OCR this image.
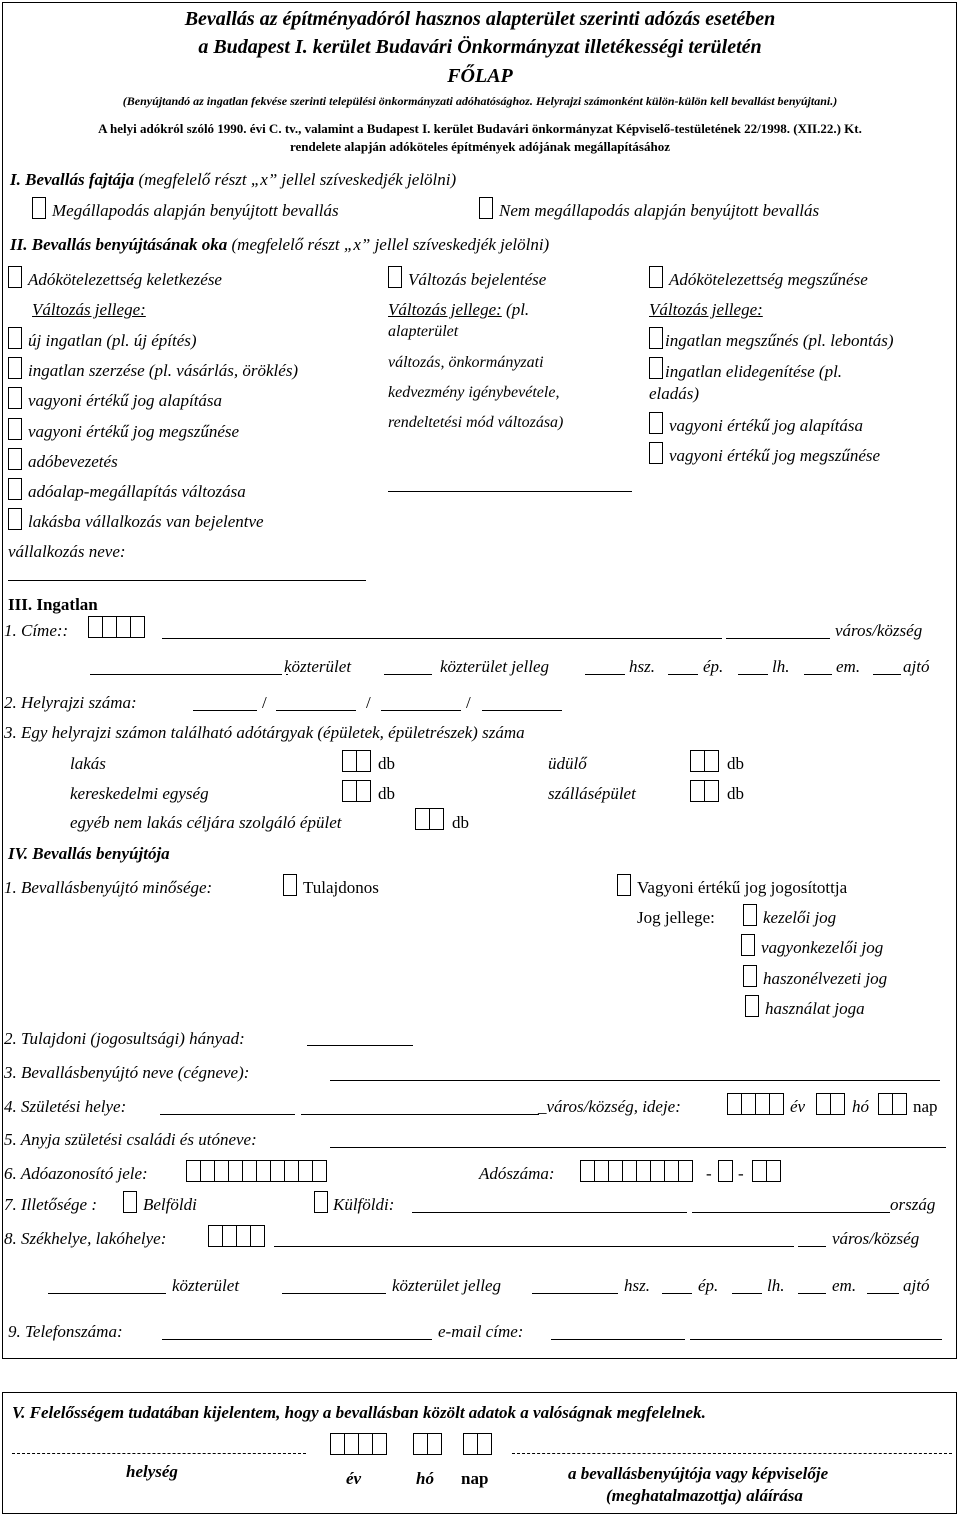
Bevallás az építményadóról hasznos alapterület szerinti adózás esetében
a Budapest I. kerület Budavári Önkormányzat illetékességi területén
FŐLAP
(Benyújtandó az ingatlan fekvése szerinti települési önkormányzati adóhatósághoz. Helyrajzi számonként külön-külön kell bevallást benyújtani.)
A helyi adókról szóló 1990. évi C. tv., valamint a Budapest I. kerület Budavári önkormányzat Képviselő-testületének 22/1998. (XII.22.) Kt.
rendelete alapján adóköteles építmények adójának megállapításához
I. Bevallás fajtája (megfelelő részt „x” jellel szíveskedjék jelölni)
Megállapodás alapján benyújtott bevallás	Nem megállapodás alapján benyújtott bevallás
II. Bevallás benyújtásának oka (megfelelő részt „x” jellel szíveskedjék jelölni)
Adókötelezettség keletkezése
Változás jellege:
új ingatlan (pl. új építés)
ingatlan szerzése (pl. vásárlás, öröklés)
vagyoni értékű jog alapítása
vagyoni értékű jog megszűnése
adóbevezetés
adóalap-megállapítás változása
lakásba vállalkozás van bejelentve
vállalkozás neve:
Változás bejelentése
Változás jellege: (pl.
alapterület
változás, önkormányzati
kedvezmény igénybevétele,
rendeltetési mód változása)
Adókötelezettség megszűnése
Változás jellege:
ingatlan megszűnés (pl. lebontás)
ingatlan elidegenítése (pl.
eladás)
vagyoni értékű jog alapítása
vagyoni értékű jog megszűnése
III. Ingatlan
1. Címe::	város/község
közterület	közterület jelleg	hsz.	ép.	lh.	em.	ajtó
2. Helyrajzi száma:	/	/	/
3. Egy helyrajzi számon található adótárgyak (épületek, épületrészek) száma
lakás	db	üdülő	db
kereskedelmi egység	db	szállásépület	db
egyéb nem lakás céljára szolgáló épület	db
IV. Bevallás benyújtója
1. Bevallásbenyújtó minősége:	Tulajdonos	Vagyoni értékű jog jogosítottja
Jog jellege:	kezelői jog
vagyonkezelői jog
haszonélvezeti jog
használat joga
2. Tulajdoni (jogosultsági) hányad:
3. Bevallásbenyújtó neve (cégneve):
4. Születési helye:	_város/község, ideje:	év	hó	nap
5. Anyja születési családi és utóneve:
6. Adóazonosító jele:	Adószáma:	- -
7. Illetősége :	Belföldi	Külföldi:	ország
8. Székhelye, lakóhelye:	város/község
közterület	közterület jelleg	hsz.	ép.	lh.	em.	ajtó
9. Telefonszáma:	e-mail címe:
V. Felelősségem tudatában kijelentem, hogy a bevallásban közölt adatok a valóságnak megfelelnek.
helység	év	hó nap	a bevallásbenyújtója vagy képviselője
(meghatalmazottja) aláírása
